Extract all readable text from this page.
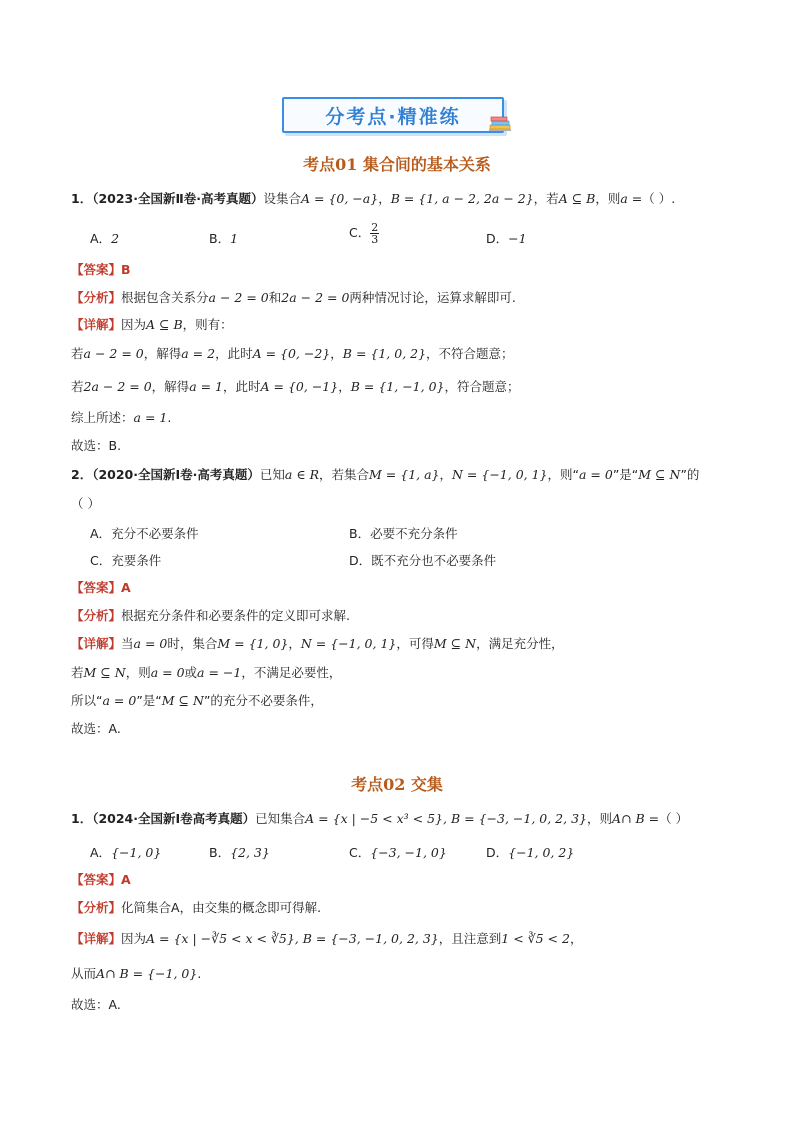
分考点·精准练
考点01 集合间的基本关系
1．（2023·全国新Ⅱ卷·高考真题）设集合A = {0, −a}，B = {1, a − 2, 2a − 2}，若A ⊆ B，则a =（ ）.
A．2	B．1	C． $\frac{2}{3}$	D．−1
【答案】B
【分析】根据包含关系分a − 2 = 0和2a − 2 = 0两种情况讨论，运算求解即可.
【详解】因为A ⊆ B，则有：
若a − 2 = 0，解得a = 2，此时A = {0, −2}，B = {1, 0, 2}，不符合题意；
若2a − 2 = 0，解得a = 1，此时A = {0, −1}，B = {1, −1, 0}，符合题意；
综上所述：a = 1.
故选：B.
2．（2020·全国新Ⅰ卷·高考真题）已知a ∈ R，若集合M = {1, a}，N = {−1, 0, 1}，则“a = 0”是“M ⊆ N”的
（ ）
A．充分不必要条件	B．必要不充分条件
C．充要条件	D．既不充分也不必要条件
【答案】A
【分析】根据充分条件和必要条件的定义即可求解.
【详解】当a = 0时，集合M = {1, 0}，N = {−1, 0, 1}，可得M ⊆ N，满足充分性，
若M ⊆ N，则a = 0或a = −1，不满足必要性，
所以“a = 0”是“M ⊆ N”的充分不必要条件，
故选：A.
考点02 交集
1．（2024·全国新Ⅰ卷高考真题）已知集合A = {x | −5 < x³ < 5}, B = {−3, −1, 0, 2, 3}，则A∩ B =（ ）
A．{−1, 0}	B．{2, 3}	C．{−3, −1, 0}	D．{−1, 0, 2}
【答案】A
【分析】化简集合A，由交集的概念即可得解.
【详解】因为A = {x | −∛5 < x < ∛5}, B = {−3, −1, 0, 2, 3}，且注意到1 < ∛5 < 2，
从而A∩ B = {−1, 0}.
故选：A.
